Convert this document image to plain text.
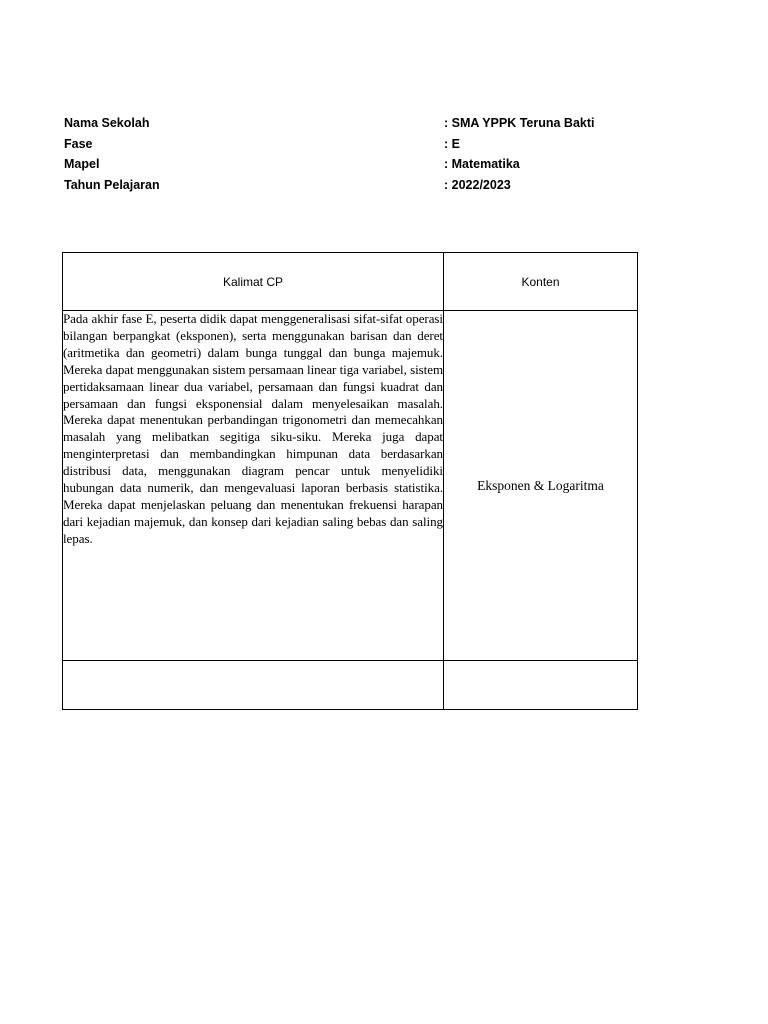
Nama Sekolah	: SMA YPPK Teruna Bakti
Fase	: E
Mapel	: Matematika
Tahun Pelajaran	: 2022/2023
Kalimat CP	Konten
Pada akhir fase E, peserta didik dapat menggeneralisasi sifat-sifat operasi bilangan berpangkat (eksponen), serta menggunakan barisan dan deret (aritmetika dan geometri) dalam bunga tunggal dan bunga majemuk. Mereka dapat menggunakan sistem persamaan linear tiga variabel, sistem pertidaksamaan linear dua variabel, persamaan dan fungsi kuadrat dan persamaan dan fungsi eksponensial dalam menyelesaikan masalah. Mereka dapat menentukan perbandingan trigonometri dan memecahkan masalah yang melibatkan segitiga siku-siku. Mereka juga dapat menginterpretasi dan membandingkan himpunan data berdasarkan distribusi data, menggunakan diagram pencar untuk menyelidiki hubungan data numerik, dan mengevaluasi laporan berbasis statistika. Mereka dapat menjelaskan peluang dan menentukan frekuensi harapan dari kejadian majemuk, dan konsep dari kejadian saling bebas dan saling lepas.	Eksponen & Logaritma
